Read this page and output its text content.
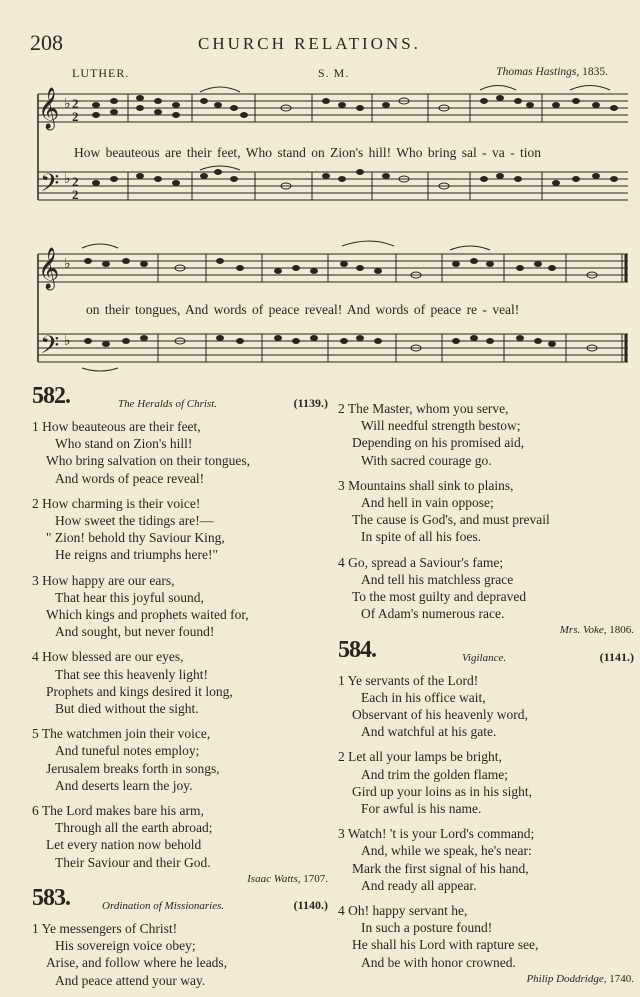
208	CHURCH RELATIONS.
LUTHER.	S. M.	Thomas Hastings, 1835.
𝄞
𝄢
♭
♭
2
2
2
2
How beauteous are their feet, Who stand on Zion's hill! Who bring sal - va - tion
𝄞
𝄢
♭
♭
on their tongues, And words of peace reveal! And words of peace re - veal!
582.	The Heralds of Christ.	(1139.)
1 How beauteous are their feet,
Who stand on Zion's hill!
Who bring salvation on their tongues,
And words of peace reveal!
2 How charming is their voice!
How sweet the tidings are!—
" Zion! behold thy Saviour King,
He reigns and triumphs here!"
3 How happy are our ears,
That hear this joyful sound,
Which kings and prophets waited for,
And sought, but never found!
4 How blessed are our eyes,
That see this heavenly light!
Prophets and kings desired it long,
But died without the sight.
5 The watchmen join their voice,
And tuneful notes employ;
Jerusalem breaks forth in songs,
And deserts learn the joy.
6 The Lord makes bare his arm,
Through all the earth abroad;
Let every nation now behold
Their Saviour and their God.
Isaac Watts, 1707.
583.	Ordination of Missionaries.	(1140.)
1 Ye messengers of Christ!
His sovereign voice obey;
Arise, and follow where he leads,
And peace attend your way.
2 The Master, whom you serve,
Will needful strength bestow;
Depending on his promised aid,
With sacred courage go.
3 Mountains shall sink to plains,
And hell in vain oppose;
The cause is God's, and must prevail
In spite of all his foes.
4 Go, spread a Saviour's fame;
And tell his matchless grace
To the most guilty and depraved
Of Adam's numerous race.
Mrs. Voke, 1806.
584.	Vigilance.	(1141.)
1 Ye servants of the Lord!
Each in his office wait,
Observant of his heavenly word,
And watchful at his gate.
2 Let all your lamps be bright,
And trim the golden flame;
Gird up your loins as in his sight,
For awful is his name.
3 Watch! 't is your Lord's command;
And, while we speak, he's near:
Mark the first signal of his hand,
And ready all appear.
4 Oh! happy servant he,
In such a posture found!
He shall his Lord with rapture see,
And be with honor crowned.
Philip Doddridge, 1740.
